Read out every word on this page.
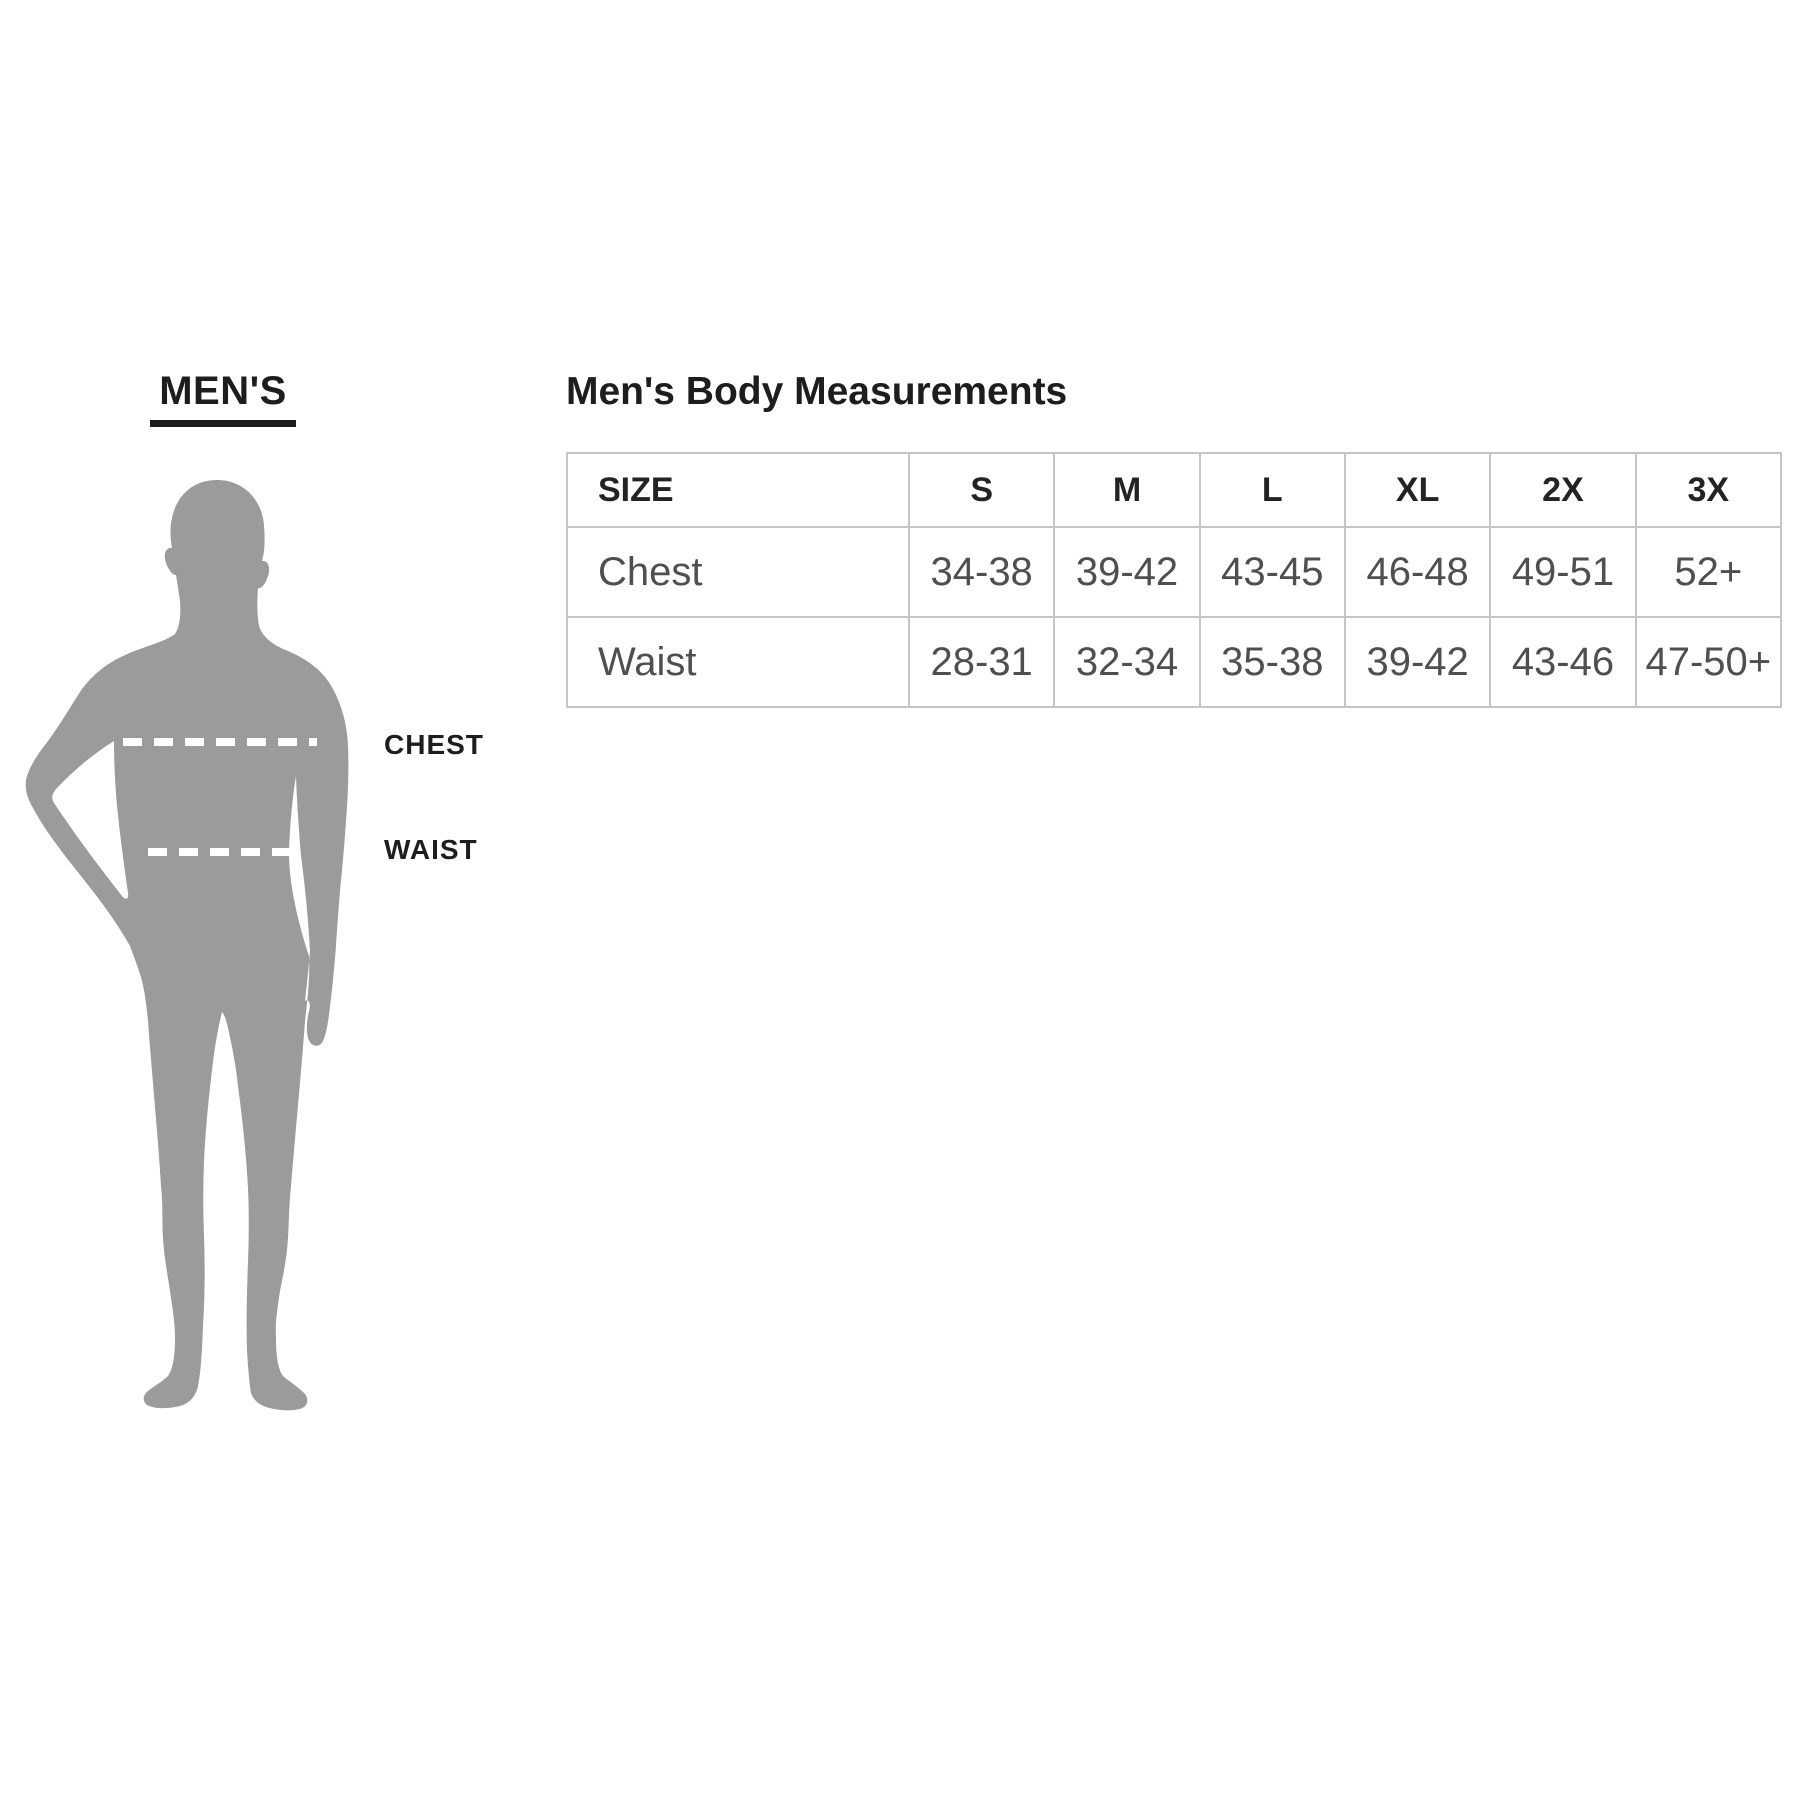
MEN'S
CHEST
WAIST
Men's Body Measurements
SIZE	S	M	L	XL	2X	3X
Chest	34-38	39-42	43-45	46-48	49-51	52+
Waist	28-31	32-34	35-38	39-42	43-46	47-50+
